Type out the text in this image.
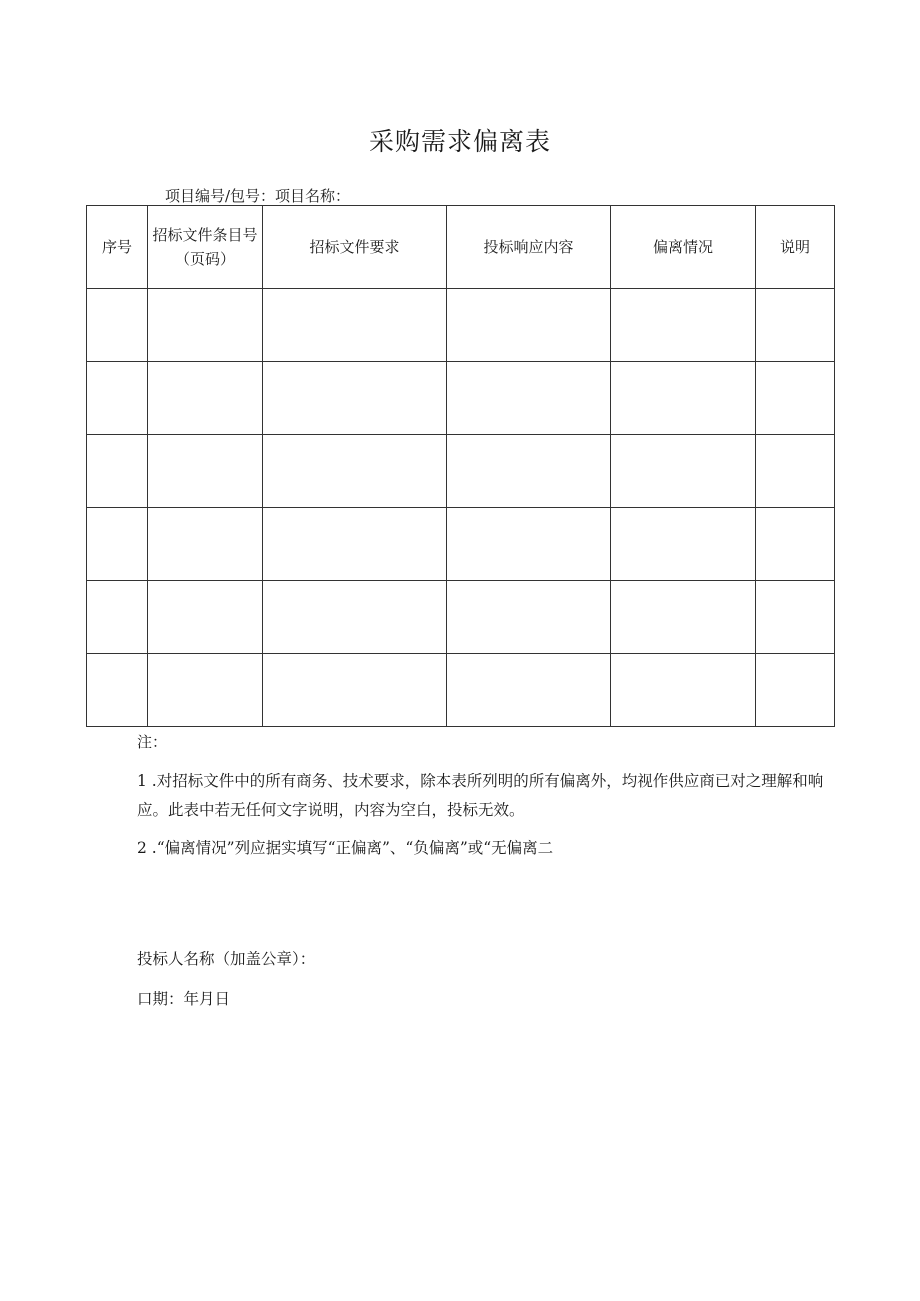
采购需求偏离表
项目编号/包号：项目名称：
序号	招标文件条目号（页码）	招标文件要求	投标响应内容	偏离情况	说明

注：
1 .对招标文件中的所有商务、技术要求，除本表所列明的所有偏离外，均视作供应商已对之理解和响应。此表中若无任何文字说明，内容为空白，投标无效。
2 .“偏离情况”列应据实填写“正偏离”、“负偏离”或“无偏离二
投标人名称（加盖公章）：
口期：年月日
